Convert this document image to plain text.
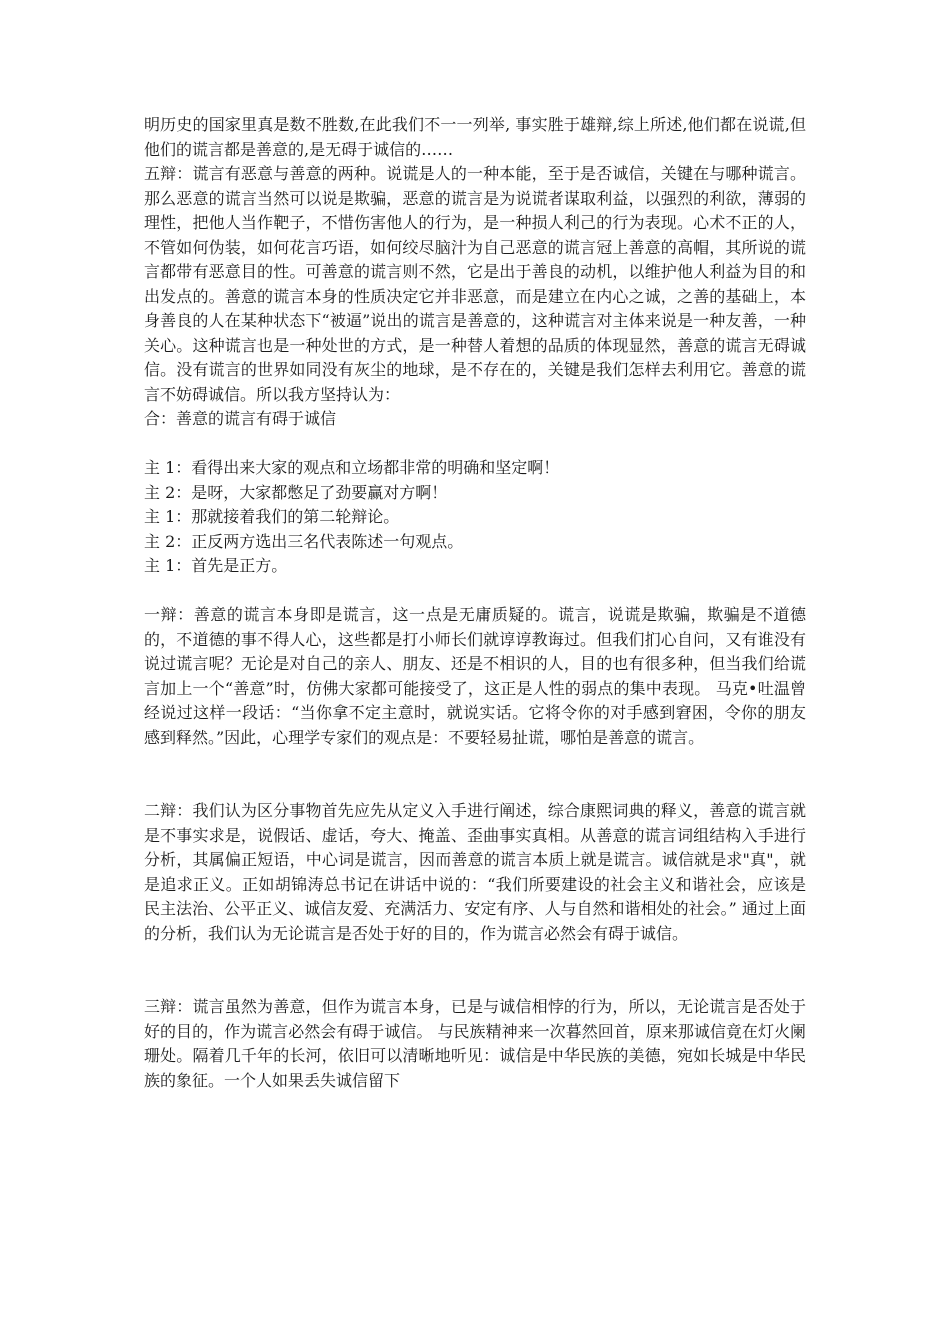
明历史的国家里真是数不胜数,在此我们不一一列举, 事实胜于雄辩,综上所述,他们都在说谎,但他们的谎言都是善意的,是无碍于诚信的……

五辩：谎言有恶意与善意的两种。说谎是人的一种本能，至于是否诚信，关键在与哪种谎言。那么恶意的谎言当然可以说是欺骗，恶意的谎言是为说谎者谋取利益，以强烈的利欲，薄弱的理性，把他人当作靶子，不惜伤害他人的行为，是一种损人利己的行为表现。心术不正的人，不管如何伪装，如何花言巧语，如何绞尽脑汁为自己恶意的谎言冠上善意的高帽，其所说的谎言都带有恶意目的性。可善意的谎言则不然，它是出于善良的动机，以维护他人利益为目的和出发点的。善意的谎言本身的性质决定它并非恶意，而是建立在内心之诚，之善的基础上，本身善良的人在某种状态下“被逼”说出的谎言是善意的，这种谎言对主体来说是一种友善，一种关心。这种谎言也是一种处世的方式，是一种替人着想的品质的体现显然，善意的谎言无碍诚信。没有谎言的世界如同没有灰尘的地球，是不存在的，关键是我们怎样去利用它。善意的谎言不妨碍诚信。所以我方坚持认为：

合：善意的谎言有碍于诚信

主 1：看得出来大家的观点和立场都非常的明确和坚定啊！

主 2：是呀，大家都憋足了劲要赢对方啊！

主 1：那就接着我们的第二轮辩论。

主 2：正反两方选出三名代表陈述一句观点。

主 1：首先是正方。

一辩：善意的谎言本身即是谎言，这一点是无庸质疑的。谎言，说谎是欺骗，欺骗是不道德的，不道德的事不得人心，这些都是打小师长们就谆谆教诲过。但我们扪心自问，又有谁没有说过谎言呢？无论是对自己的亲人、朋友、还是不相识的人，目的也有很多种，但当我们给谎言加上一个“善意”时，仿佛大家都可能接受了，这正是人性的弱点的集中表现。 马克•吐温曾经说过这样一段话：“当你拿不定主意时，就说实话。它将令你的对手感到窘困，令你的朋友感到释然。”因此，心理学专家们的观点是：不要轻易扯谎，哪怕是善意的谎言。

二辩：我们认为区分事物首先应先从定义入手进行阐述，综合康熙词典的释义，善意的谎言就是不事实求是，说假话、虚话，夸大、掩盖、歪曲事实真相。从善意的谎言词组结构入手进行分析，其属偏正短语，中心词是谎言，因而善意的谎言本质上就是谎言。诚信就是求"真"，就是追求正义。正如胡锦涛总书记在讲话中说的：“我们所要建设的社会主义和谐社会，应该是民主法治、公平正义、诚信友爱、充满活力、安定有序、人与自然和谐相处的社会。” 通过上面的分析，我们认为无论谎言是否处于好的目的，作为谎言必然会有碍于诚信。

三辩：谎言虽然为善意，但作为谎言本身，已是与诚信相悖的行为，所以，无论谎言是否处于好的目的，作为谎言必然会有碍于诚信。 与民族精神来一次暮然回首，原来那诚信竟在灯火阑珊处。隔着几千年的长河，依旧可以清晰地听见：诚信是中华民族的美德，宛如长城是中华民族的象征。一个人如果丢失诚信留下
